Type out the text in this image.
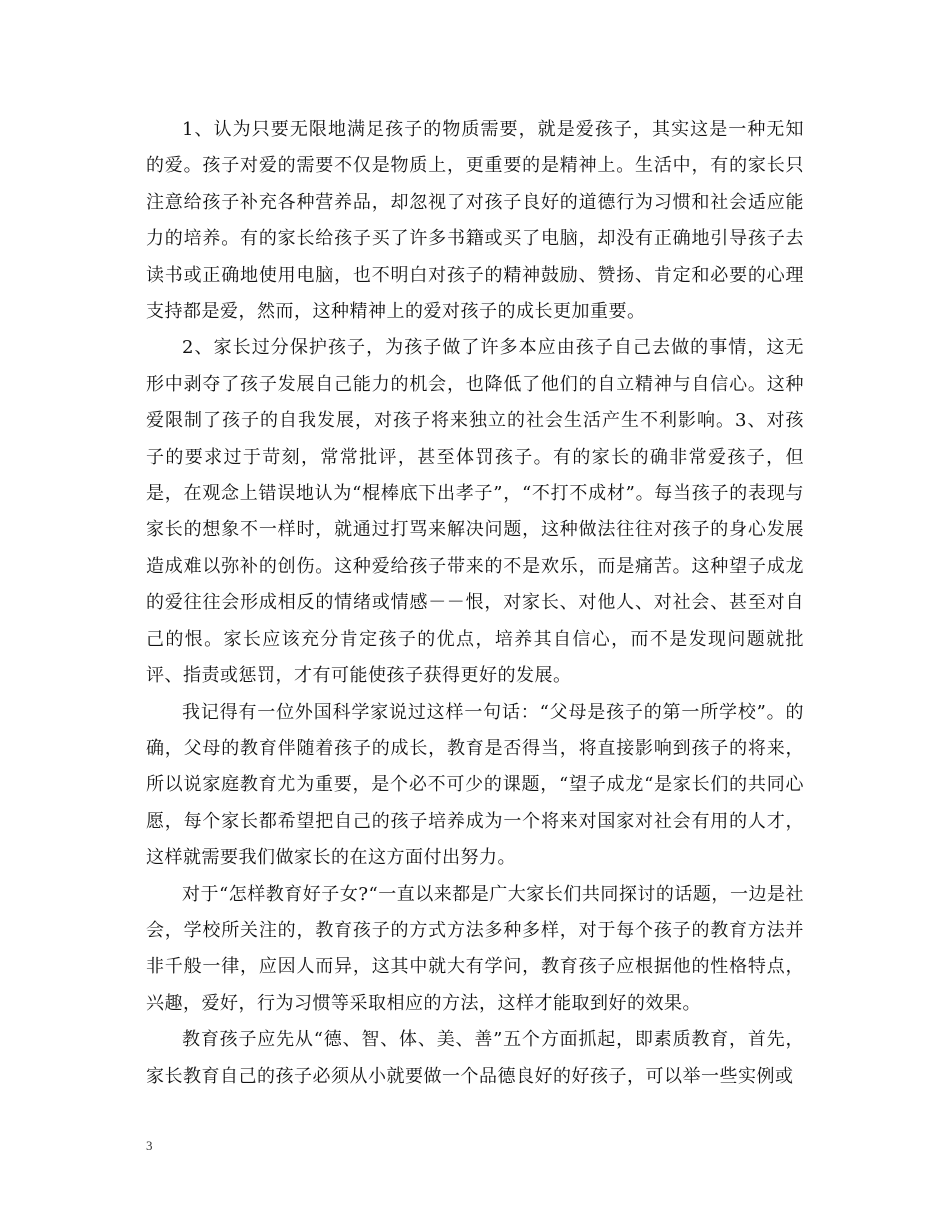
1、认为只要无限地满足孩子的物质需要，就是爱孩子，其实这是一种无知的爱。孩子对爱的需要不仅是物质上，更重要的是精神上。生活中，有的家长只注意给孩子补充各种营养品，却忽视了对孩子良好的道德行为习惯和社会适应能力的培养。有的家长给孩子买了许多书籍或买了电脑，却没有正确地引导孩子去读书或正确地使用电脑，也不明白对孩子的精神鼓励、赞扬、肯定和必要的心理支持都是爱，然而，这种精神上的爱对孩子的成长更加重要。

2、家长过分保护孩子，为孩子做了许多本应由孩子自己去做的事情，这无形中剥夺了孩子发展自己能力的机会，也降低了他们的自立精神与自信心。这种爱限制了孩子的自我发展，对孩子将来独立的社会生活产生不利影响。3、对孩子的要求过于苛刻，常常批评，甚至体罚孩子。有的家长的确非常爱孩子，但是，在观念上错误地认为“棍棒底下出孝子”，“不打不成材”。每当孩子的表现与家长的想象不一样时，就通过打骂来解决问题，这种做法往往对孩子的身心发展造成难以弥补的创伤。这种爱给孩子带来的不是欢乐，而是痛苦。这种望子成龙的爱往往会形成相反的情绪或情感－－恨，对家长、对他人、对社会、甚至对自己的恨。家长应该充分肯定孩子的优点，培养其自信心，而不是发现问题就批评、指责或惩罚，才有可能使孩子获得更好的发展。

我记得有一位外国科学家说过这样一句话：“父母是孩子的第一所学校”。的确，父母的教育伴随着孩子的成长，教育是否得当，将直接影响到孩子的将来，所以说家庭教育尤为重要，是个必不可少的课题，“望子成龙“是家长们的共同心愿，每个家长都希望把自己的孩子培养成为一个将来对国家对社会有用的人才，这样就需要我们做家长的在这方面付出努力。

对于“怎样教育好子女?“一直以来都是广大家长们共同探讨的话题，一边是社会，学校所关注的，教育孩子的方式方法多种多样，对于每个孩子的教育方法并非千般一律，应因人而异，这其中就大有学问，教育孩子应根据他的性格特点，兴趣，爱好，行为习惯等采取相应的方法，这样才能取到好的效果。

教育孩子应先从“德、智、体、美、善”五个方面抓起，即素质教育，首先，家长教育自己的孩子必须从小就要做一个品德良好的好孩子，可以举一些实例或

3
